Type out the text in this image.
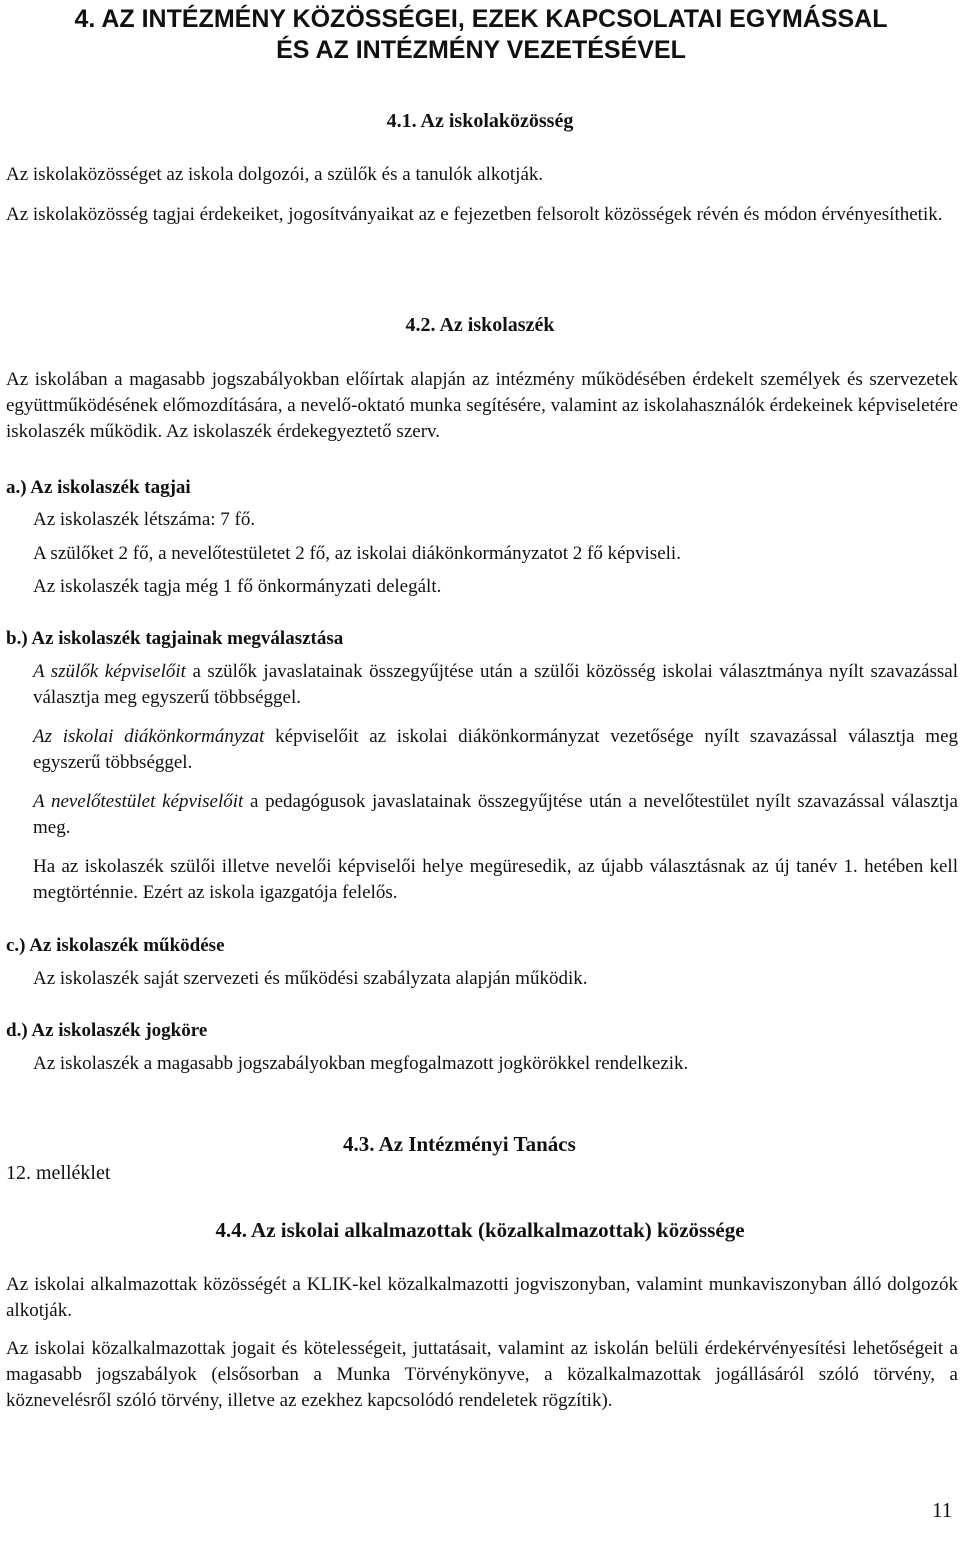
4. AZ INTÉZMÉNY KÖZÖSSÉGEI, EZEK KAPCSOLATAI EGYMÁSSAL
ÉS AZ INTÉZMÉNY VEZETÉSÉVEL
4.1. Az iskolaközösség
Az iskolaközösséget az iskola dolgozói, a szülők és a tanulók alkotják.
Az iskolaközösség tagjai érdekeiket, jogosítványaikat az e fejezetben felsorolt közösségek révén és módon érvényesíthetik.
4.2. Az iskolaszék
Az iskolában a magasabb jogszabályokban előírtak alapján az intézmény működésében érdekelt személyek és szervezetek együttműködésének előmozdítására, a nevelő-oktató munka segítésére, valamint az iskolahasználók érdekeinek képviseletére iskolaszék működik. Az iskolaszék érdekegyeztető szerv.
a.) Az iskolaszék tagjai
Az iskolaszék létszáma: 7 fő.
A szülőket 2 fő, a nevelőtestületet 2 fő, az iskolai diákönkormányzatot 2 fő képviseli.
Az iskolaszék tagja még 1 fő önkormányzati delegált.
b.) Az iskolaszék tagjainak megválasztása
A szülők képviselőit a szülők javaslatainak összegyűjtése után a szülői közösség iskolai választmánya nyílt szavazással választja meg egyszerű többséggel.
Az iskolai diákönkormányzat képviselőit az iskolai diákönkormányzat vezetősége nyílt szavazással választja meg egyszerű többséggel.
A nevelőtestület képviselőit a pedagógusok javaslatainak összegyűjtése után a nevelőtestület nyílt szavazással választja meg.
Ha az iskolaszék szülői illetve nevelői képviselői helye megüresedik, az újabb választásnak az új tanév 1. hetében kell megtörténnie. Ezért az iskola igazgatója felelős.
c.) Az iskolaszék működése
Az iskolaszék saját szervezeti és működési szabályzata alapján működik.
d.) Az iskolaszék jogköre
Az iskolaszék a magasabb jogszabályokban megfogalmazott jogkörökkel rendelkezik.
4.3. Az Intézményi Tanács
12. melléklet
4.4. Az iskolai alkalmazottak (közalkalmazottak) közössége
Az iskolai alkalmazottak közösségét a KLIK-kel közalkalmazotti jogviszonyban, valamint munkaviszonyban álló dolgozók alkotják.
Az iskolai közalkalmazottak jogait és kötelességeit, juttatásait, valamint az iskolán belüli érdekérvényesítési lehetőségeit a magasabb jogszabályok (elsősorban a Munka Törvénykönyve, a közalkalmazottak jogállásáról szóló törvény, a köznevelésről szóló törvény, illetve az ezekhez kapcsolódó rendeletek rögzítik).
11
